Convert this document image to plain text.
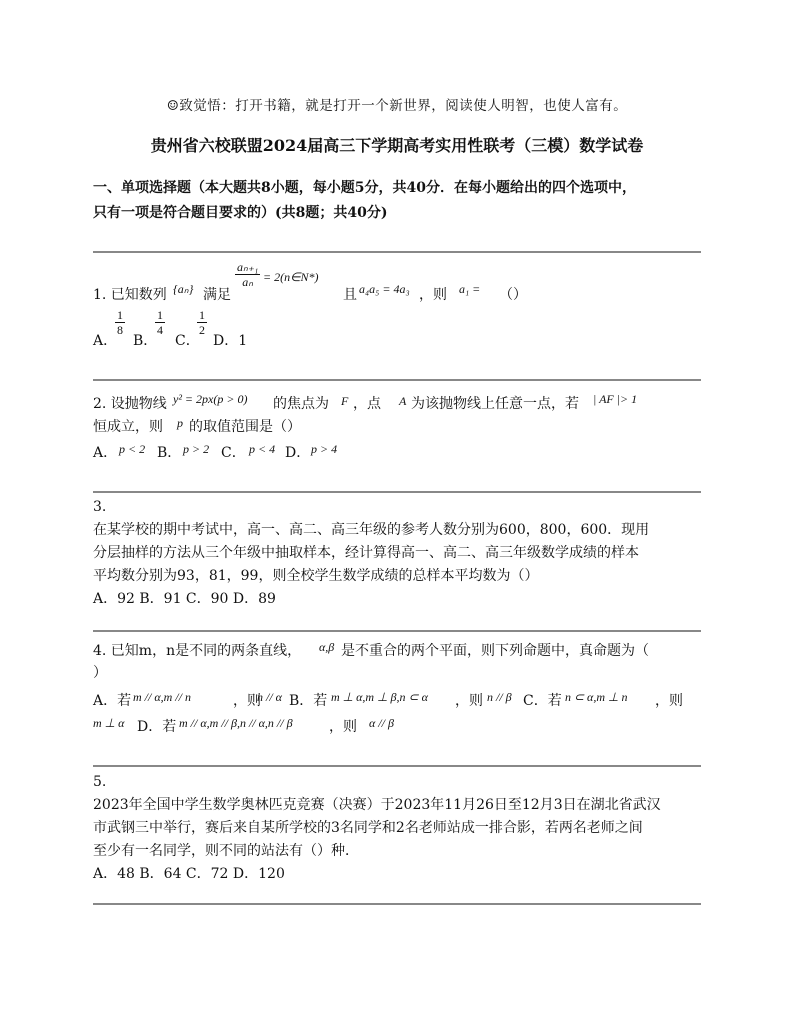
☺致觉悟：打开书籍，就是打开一个新世界，阅读使人明智，也使人富有。
贵州省六校联盟2024届高三下学期高考实用性联考（三模）数学试卷
一、单项选择题（本大题共8小题，每小题5分，共40分．在每小题给出的四个选项中，
只有一项是符合题目要求的）(共8题；共40分)
1. 已知数列 {aₙ} 满足
$\frac{\text{aₙ₊₁}}{\text{aₙ}}$ = 2(n∈N*)
且 a₄a₅ = 4a₃ ，则 a₁ = （）
A．
$\frac{1}{8}$
B．
$\frac{1}{4}$
C．
$\frac{1}{2}$
D．1
2. 设抛物线 y² = 2px(p > 0) 的焦点为 F ，点 A 为该抛物线上任意一点，若 | AF |> 1
恒成立，则 p 的取值范围是（）
A． p < 2 B． p > 2 C． p < 4 D． p > 4
3.
在某学校的期中考试中，高一、高二、高三年级的参考人数分别为600，800，600．现用
分层抽样的方法从三个年级中抽取样本，经计算得高一、高二、高三年级数学成绩的样本
平均数分别为93，81，99，则全校学生数学成绩的总样本平均数为（）
A．92 B．91 C．90 D．89
4. 已知m，n是不同的两条直线， α,β 是不重合的两个平面，则下列命题中，真命题为（
）
A．若 m // α,m // n	，则
n // α B．若 m ⊥ α,m ⊥ β,n ⊂ α ，则 n // β C．若 n ⊂ α,m ⊥ n ，则
m ⊥ α D．若 m // α,m // β,n // α,n // β	，则 α // β
5.
2023年全国中学生数学奥林匹克竞赛（决赛）于2023年11月26日至12月3日在湖北省武汉
市武钢三中举行，赛后来自某所学校的3名同学和2名老师站成一排合影，若两名老师之间
至少有一名同学，则不同的站法有（）种．
A．48 B．64 C．72 D．120
